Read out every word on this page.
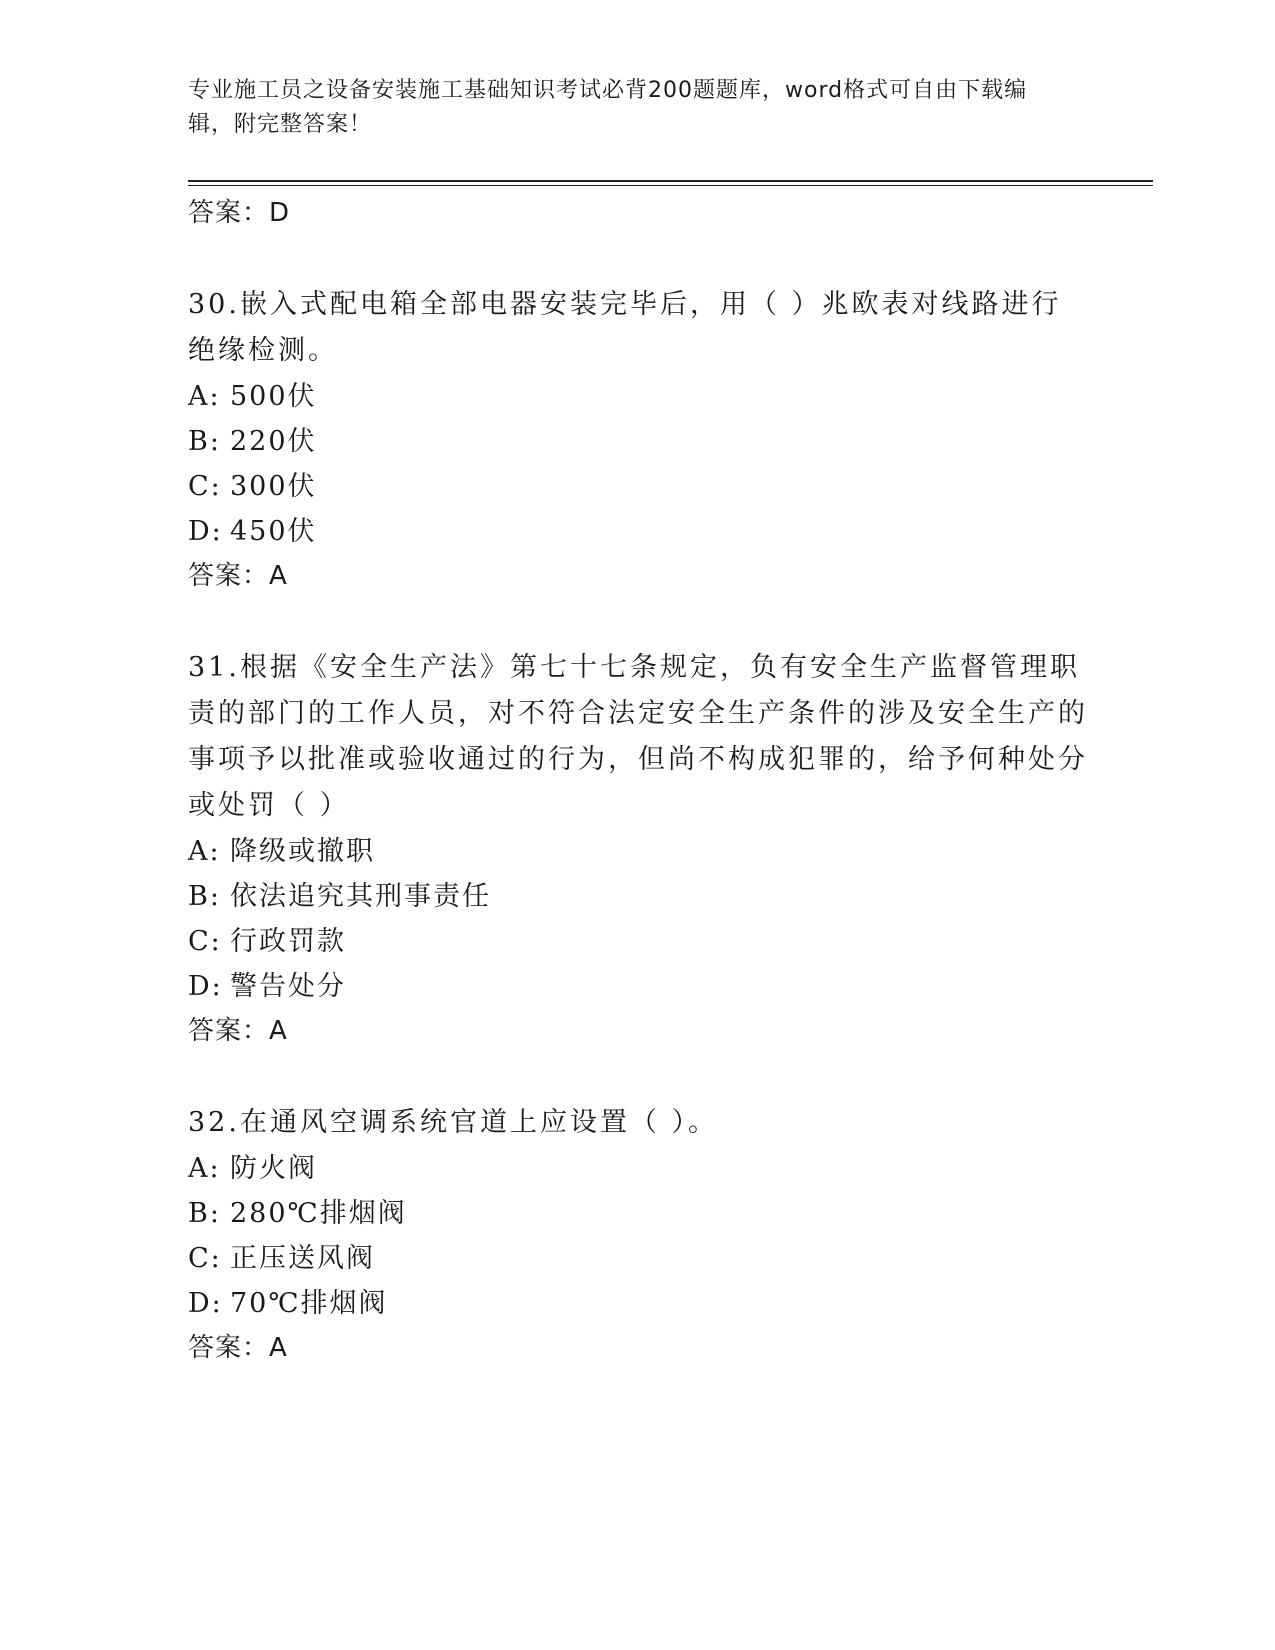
专业施工员之设备安装施工基础知识考试必背200题题库，word格式可自由下载编辑，附完整答案！
答案：D
30.嵌入式配电箱全部电器安装完毕后，用（ ）兆欧表对线路进行绝缘检测。
A: 500伏
B: 220伏
C: 300伏
D: 450伏
答案：A
31.根据《安全生产法》第七十七条规定，负有安全生产监督管理职责的部门的工作人员，对不符合法定安全生产条件的涉及安全生产的事项予以批准或验收通过的行为，但尚不构成犯罪的，给予何种处分或处罚（ ）
A: 降级或撤职
B: 依法追究其刑事责任
C: 行政罚款
D: 警告处分
答案：A
32.在通风空调系统官道上应设置（ ）。
A: 防火阀
B: 280℃排烟阀
C: 正压送风阀
D: 70℃排烟阀
答案：A
